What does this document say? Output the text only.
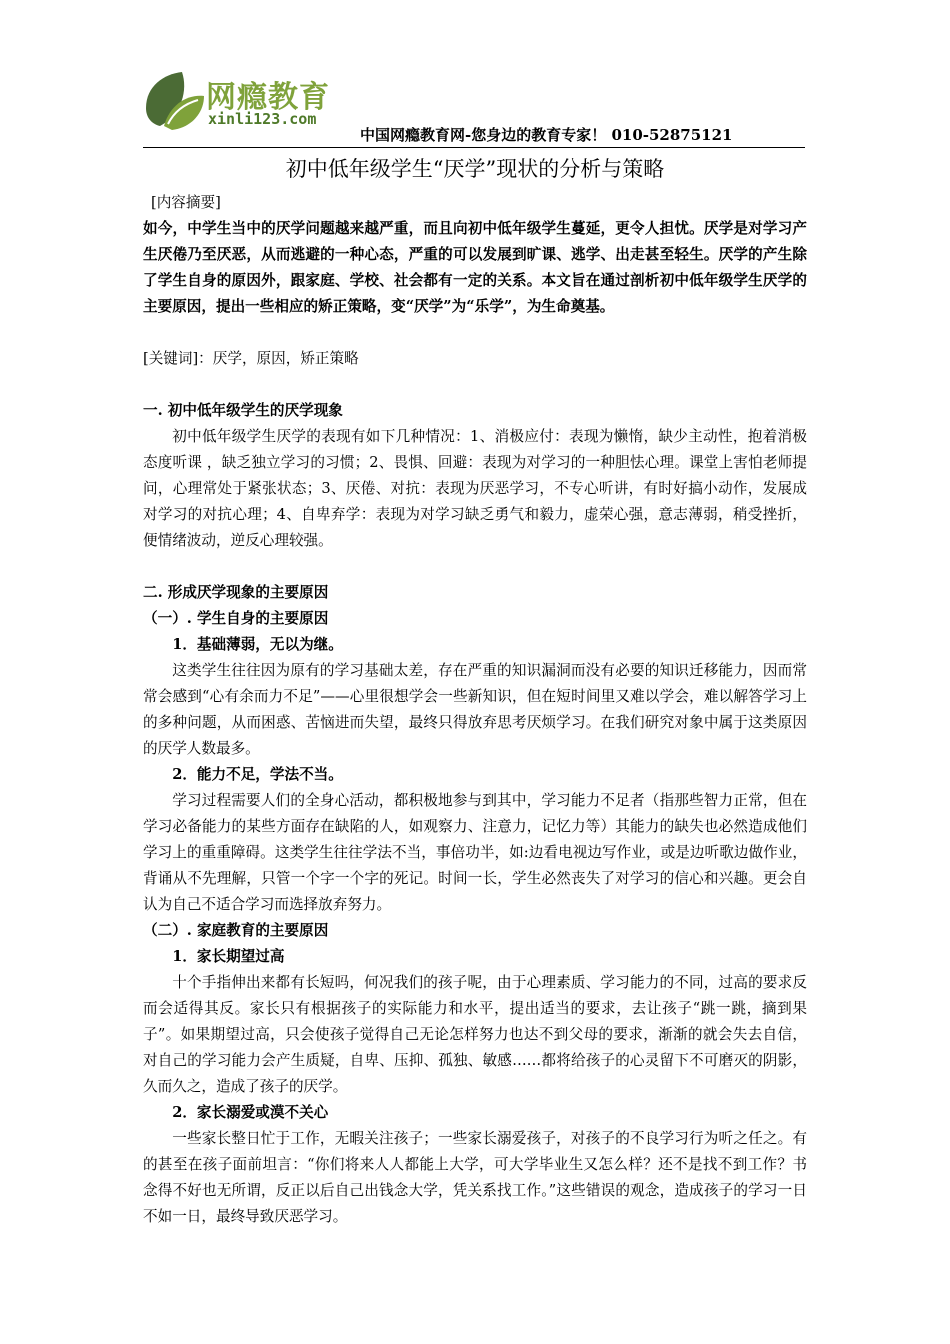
网瘾教育
xinli123.com
中国网瘾教育网-您身边的教育专家！ 010-52875121
初中低年级学生“厌学”现状的分析与策略

[内容摘要]

如今，中学生当中的厌学问题越来越严重，而且向初中低年级学生蔓延，更令人担忧。厌学是对学习产生厌倦乃至厌恶，从而逃避的一种心态，严重的可以发展到旷课、逃学、出走甚至轻生。厌学的产生除了学生自身的原因外，跟家庭、学校、社会都有一定的关系。本文旨在通过剖析初中低年级学生厌学的主要原因，提出一些相应的矫正策略，变“厌学”为“乐学”，为生命奠基。

[关键词]：厌学，原因，矫正策略

一. 初中低年级学生的厌学现象

初中低年级学生厌学的表现有如下几种情况：1、消极应付：表现为懒惰，缺少主动性，抱着消极态度听课 ，缺乏独立学习的习惯；2、畏惧、回避：表现为对学习的一种胆怯心理。课堂上害怕老师提问，心理常处于紧张状态；3、厌倦、对抗：表现为厌恶学习，不专心听讲，有时好搞小动作，发展成对学习的对抗心理；4、自卑弃学：表现为对学习缺乏勇气和毅力，虚荣心强，意志薄弱，稍受挫折，便情绪波动，逆反心理较强。

二. 形成厌学现象的主要原因

（一）. 学生自身的主要原因

1．基础薄弱，无以为继。

这类学生往往因为原有的学习基础太差，存在严重的知识漏洞而没有必要的知识迁移能力，因而常常会感到“心有余而力不足”——心里很想学会一些新知识，但在短时间里又难以学会，难以解答学习上的多种问题，从而困惑、苦恼进而失望，最终只得放弃思考厌烦学习。在我们研究对象中属于这类原因的厌学人数最多。

2．能力不足，学法不当。

学习过程需要人们的全身心活动，都积极地参与到其中，学习能力不足者（指那些智力正常，但在学习必备能力的某些方面存在缺陷的人，如观察力、注意力，记忆力等）其能力的缺失也必然造成他们学习上的重重障碍。这类学生往往学法不当，事倍功半，如:边看电视边写作业，或是边听歌边做作业，背诵从不先理解，只管一个字一个字的死记。时间一长，学生必然丧失了对学习的信心和兴趣。更会自认为自己不适合学习而选择放弃努力。

（二）. 家庭教育的主要原因

1．家长期望过高

十个手指伸出来都有长短吗，何况我们的孩子呢，由于心理素质、学习能力的不同，过高的要求反而会适得其反。家长只有根据孩子的实际能力和水平，提出适当的要求，去让孩子“跳一跳，摘到果子”。如果期望过高，只会使孩子觉得自己无论怎样努力也达不到父母的要求，渐渐的就会失去自信，对自己的学习能力会产生质疑，自卑、压抑、孤独、敏感……都将给孩子的心灵留下不可磨灭的阴影，久而久之，造成了孩子的厌学。

2．家长溺爱或漠不关心

一些家长整日忙于工作，无暇关注孩子；一些家长溺爱孩子，对孩子的不良学习行为听之任之。有的甚至在孩子面前坦言：“你们将来人人都能上大学，可大学毕业生又怎么样？还不是找不到工作？书念得不好也无所谓，反正以后自己出钱念大学，凭关系找工作。”这些错误的观念，造成孩子的学习一日不如一日，最终导致厌恶学习。
